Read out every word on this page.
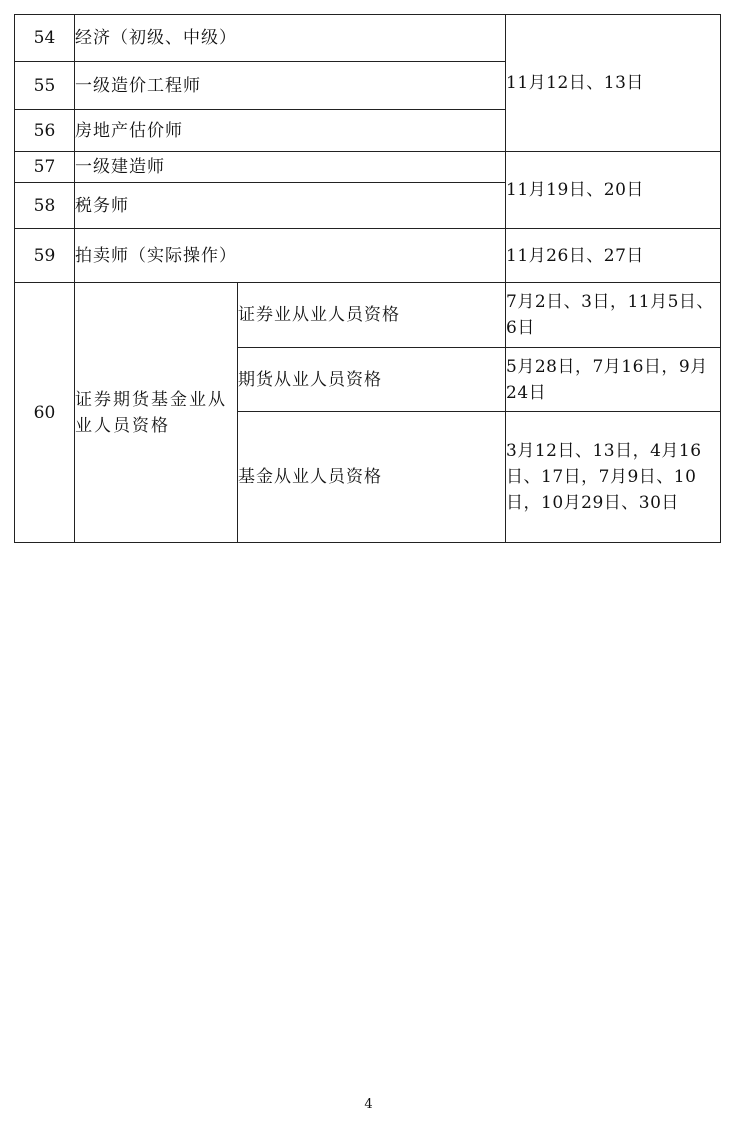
54	经济（初级、中级）		11月12日、13日
55	一级造价工程师		
56	房地产估价师		
57	一级建造师		11月19日、20日
58	税务师		
59	拍卖师（实际操作）		11月26日、27日
60	证券期货基金业从业人员资格	证券业从业人员资格	7月2日、3日，11月5日、6日
		期货从业人员资格	5月28日，7月16日，9月24日
		基金从业人员资格	3月12日、13日，4月16日、17日，7月9日、10日，10月29日、30日
4
